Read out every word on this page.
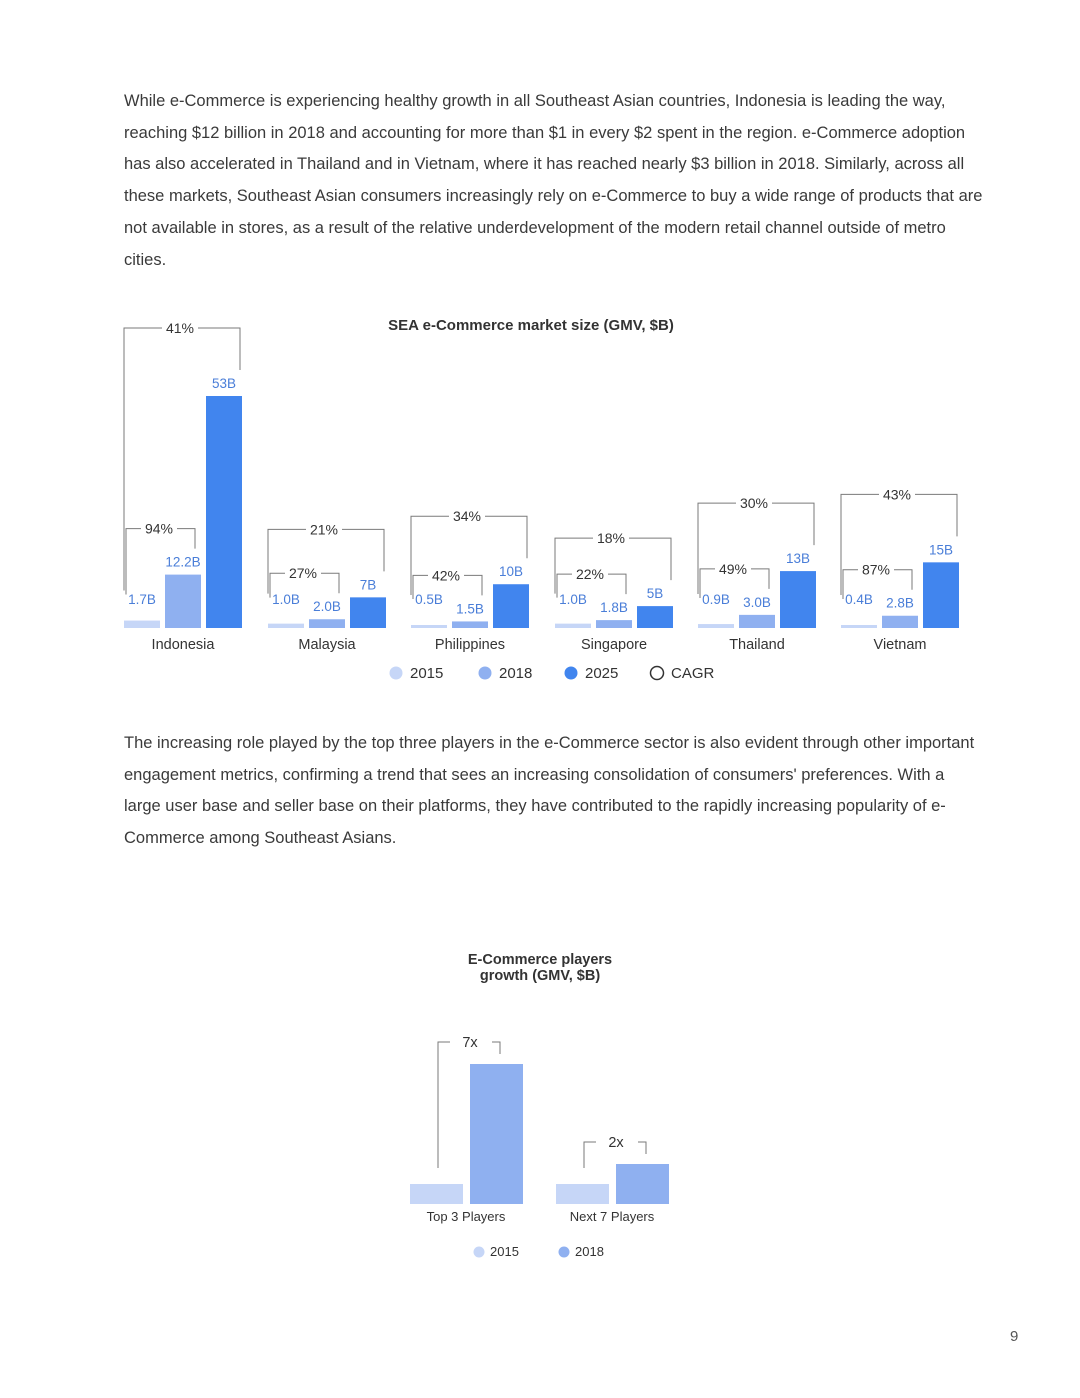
While e-Commerce is experiencing healthy growth in all Southeast Asian countries, Indonesia is leading the way, reaching $12 billion in 2018 and accounting for more than $1 in every $2 spent in the region. e-Commerce adoption has also accelerated in Thailand and in Vietnam, where it has reached nearly $3 billion in 2018. Similarly, across all these markets, Southeast Asian consumers increasingly rely on e-Commerce to buy a wide range of products that are not available in stores, as a result of the relative underdevelopment of the modern retail channel outside of metro cities.

SEA e-Commerce market size (GMV, $B)
1.7B
12.2B
53B
Indonesia
94%
41%
1.0B 2.0B
7B
Malaysia
27%
21%
0.5B
1.5B
10B
Philippines
42%
34%
1.0B
1.8B
5B
Singapore
22%
18%
0.9B 3.0B
13B
Thailand
49%
30%
0.4B 2.8B
15B
Vietnam
87%
43%
2015	2018	2025	CAGR

The increasing role played by the top three players in the e-Commerce sector is also evident through other important engagement metrics, confirming a trend that sees an increasing consolidation of consumers' preferences. With a large user base and seller base on their platforms, they have contributed to the rapidly increasing popularity of e-Commerce among Southeast Asians.

E-Commerce players
growth (GMV, $B)
Top 3 Players
7x
Next 7 Players
2x
2015	2018
9
